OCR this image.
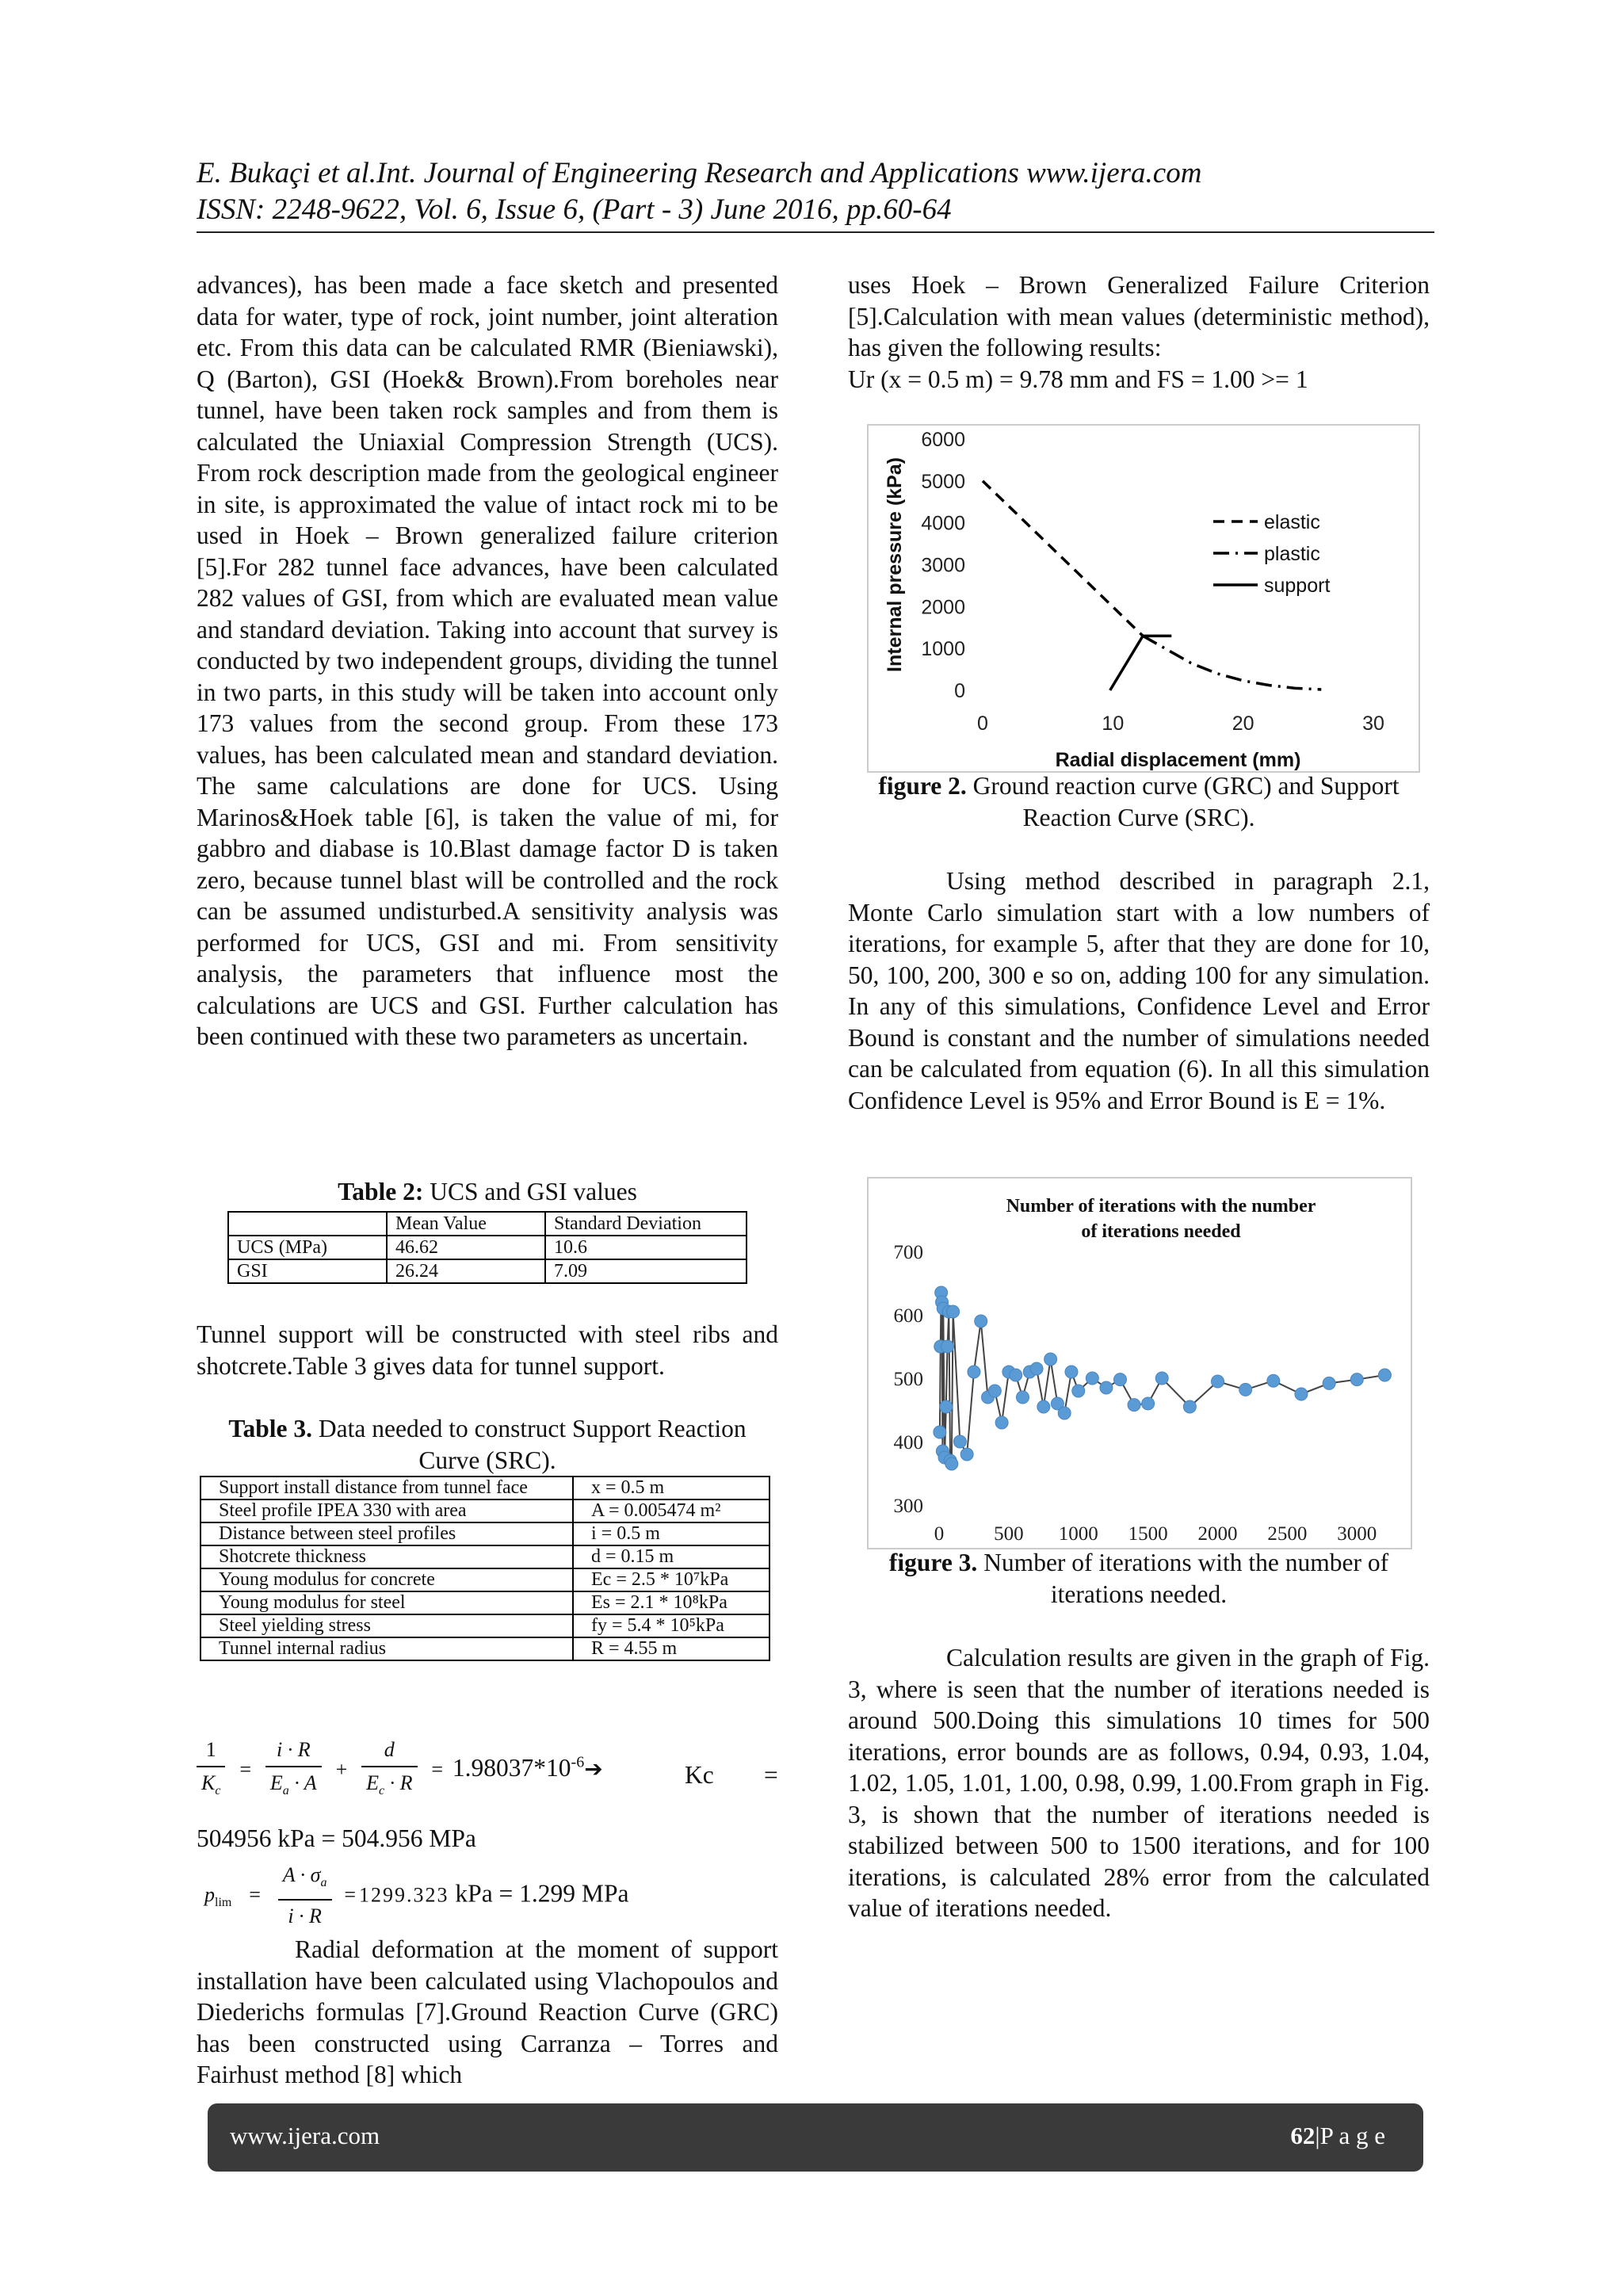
E. Bukaçi et al.Int. Journal of Engineering Research and Applications www.ijera.com
ISSN: 2248-9622, Vol. 6, Issue 6, (Part - 3) June 2016, pp.60-64

advances), has been made a face sketch and presented data for water, type of rock, joint number, joint alteration etc. From this data can be calculated RMR (Bieniawski), Q (Barton), GSI (Hoek& Brown).From boreholes near tunnel, have been taken rock samples and from them is calculated the Uniaxial Compression Strength (UCS). From rock description made from the geological engineer in site, is approximated the value of intact rock mi to be used in Hoek – Brown generalized failure criterion [5].For 282 tunnel face advances, have been calculated 282 values of GSI, from which are evaluated mean value and standard deviation. Taking into account that survey is conducted by two independent groups, dividing the tunnel in two parts, in this study will be taken into account only 173 values from the second group. From these 173 values, has been calculated mean and standard deviation. The same calculations are done for UCS. Using Marinos&Hoek table [6], is taken the value of mi, for gabbro and diabase is 10.Blast damage factor D is taken zero, because tunnel blast will be controlled and the rock can be assumed undisturbed.A sensitivity analysis was performed for UCS, GSI and mi. From sensitivity analysis, the parameters that influence most the calculations are UCS and GSI. Further calculation has been continued with these two parameters as uncertain.

Table 2: UCS and GSI values
	Mean Value	Standard Deviation
UCS (MPa)	46.62	10.6
GSI	26.24	7.09

Tunnel support will be constructed with steel ribs and shotcrete.Table 3 gives data for tunnel support.

Table 3. Data needed to construct Support Reaction Curve (SRC).
Support install distance from tunnel face	x = 0.5 m
Steel profile IPEA 330 with area	A = 0.005474 m²
Distance between steel profiles	i = 0.5 m
Shotcrete thickness	d = 0.15 m
Young modulus for concrete	Ec = 2.5 * 10⁷kPa
Young modulus for steel	Es = 2.1 * 10⁸kPa
Steel yielding stress	fy = 5.4 * 10⁵kPa
Tunnel internal radius	R = 4.55 m
$\frac{1}{K_c} = \frac{i \cdot R}{E_a \cdot A} + \frac{d}{E_c \cdot R}$ = $1.98037*10^{-6}➔$	Kc =
504956 kPa = 504.956 MPa
$p_{lim} = \frac{A \cdot \sigma_a}{i \cdot R} = 1299.323$ kPa = 1.299 MPa

Radial deformation at the moment of support installation have been calculated using Vlachopoulos and Diederichs formulas [7].Ground Reaction Curve (GRC) has been constructed using Carranza – Torres and Fairhust method [8] which

uses Hoek – Brown Generalized Failure Criterion [5].Calculation with mean values (deterministic method), has given the following results:

Ur (x = 0.5 m) = 9.78 mm and FS = 1.00 >= 1

0
1000
2000
3000
4000
5000
6000
0	10	20	30
Radial displacement (mm)
Internal pressure (kPa)	elastic
plastic
support
figure 2. Ground reaction curve (GRC) and Support Reaction Curve (SRC).

Using method described in paragraph 2.1, Monte Carlo simulation start with a low numbers of iterations, for example 5, after that they are done for 10, 50, 100, 200, 300 e so on, adding 100 for any simulation. In any of this simulations, Confidence Level and Error Bound is constant and the number of simulations needed can be calculated from equation (6). In all this simulation Confidence Level is 95% and Error Bound is E = 1%.

Number of iterations with the number
of iterations needed
300
400
500
600
700
0	500 1000 1500 2000 2500 3000
figure 3. Number of iterations with the number of iterations needed.

Calculation results are given in the graph of Fig. 3, where is seen that the number of iterations needed is around 500.Doing this simulations 10 times for 500 iterations, error bounds are as follows, 0.94, 0.93, 1.04, 1.02, 1.05, 1.01, 1.00, 0.98, 0.99, 1.00.From graph in Fig. 3, is shown that the number of iterations needed is stabilized between 500 to 1500 iterations, and for 100 iterations, is calculated 28% error from the calculated value of iterations needed.

www.ijera.com	62|P a g e
